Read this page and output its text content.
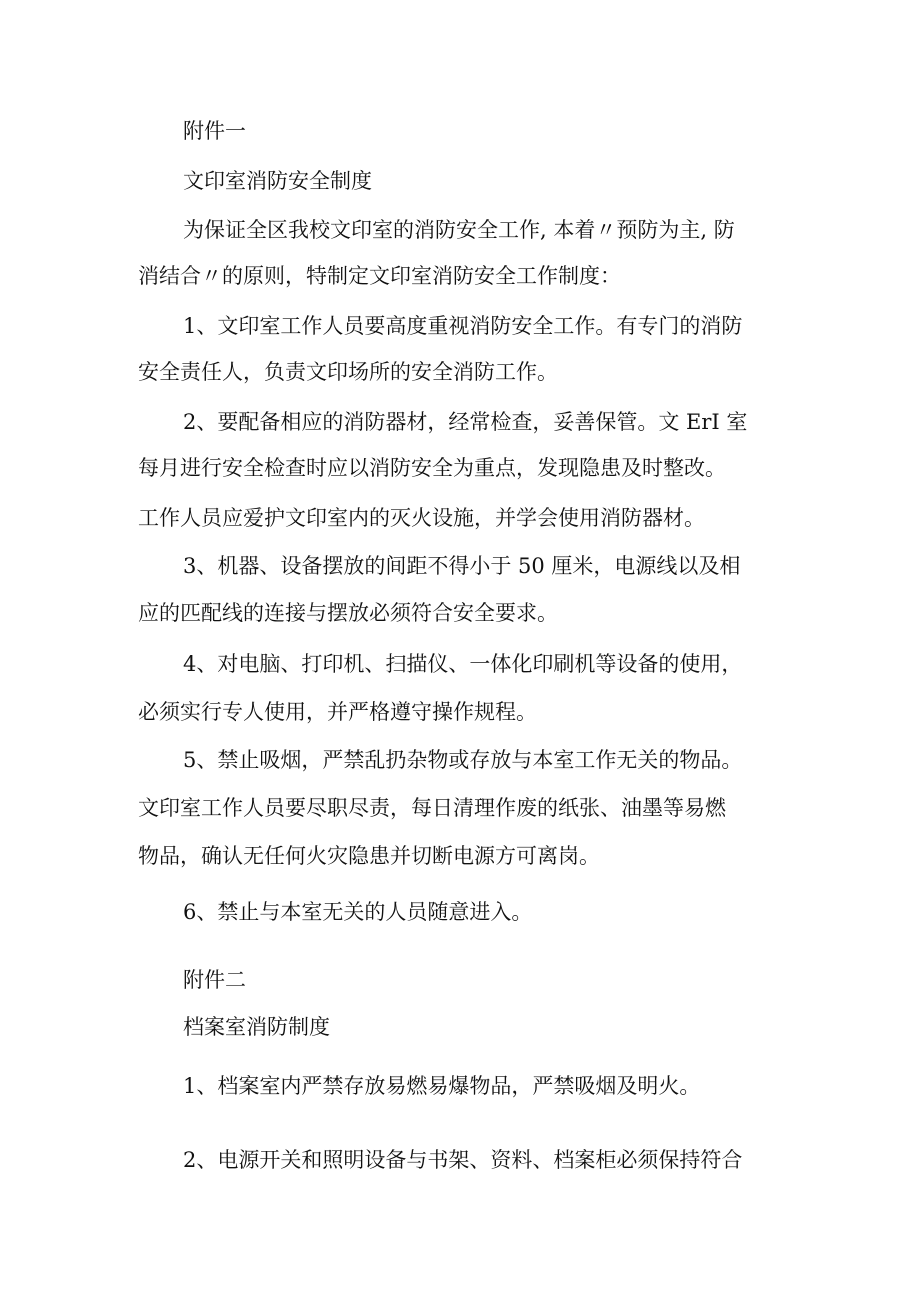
附件一
文印室消防安全制度
为保证全区我校文印室的消防安全工作, 本着〃预防为主, 防
消结合〃的原则，特制定文印室消防安全工作制度：
1、文印室工作人员要高度重视消防安全工作。有专门的消防
安全责任人，负责文印场所的安全消防工作。
2、要配备相应的消防器材，经常检查，妥善保管。文 ErI 室
每月进行安全检查时应以消防安全为重点，发现隐患及时整改。
工作人员应爱护文印室内的灭火设施，并学会使用消防器材。
3、机器、设备摆放的间距不得小于 50 厘米，电源线以及相
应的匹配线的连接与摆放必须符合安全要求。
4、对电脑、打印机、扫描仪、一体化印刷机等设备的使用，
必须实行专人使用，并严格遵守操作规程。
5、禁止吸烟，严禁乱扔杂物或存放与本室工作无关的物品。
文印室工作人员要尽职尽责，每日清理作废的纸张、油墨等易燃
物品，确认无任何火灾隐患并切断电源方可离岗。
6、禁止与本室无关的人员随意进入。
附件二
档案室消防制度
1、档案室内严禁存放易燃易爆物品，严禁吸烟及明火。
2、电源开关和照明设备与书架、资料、档案柜必须保持符合
